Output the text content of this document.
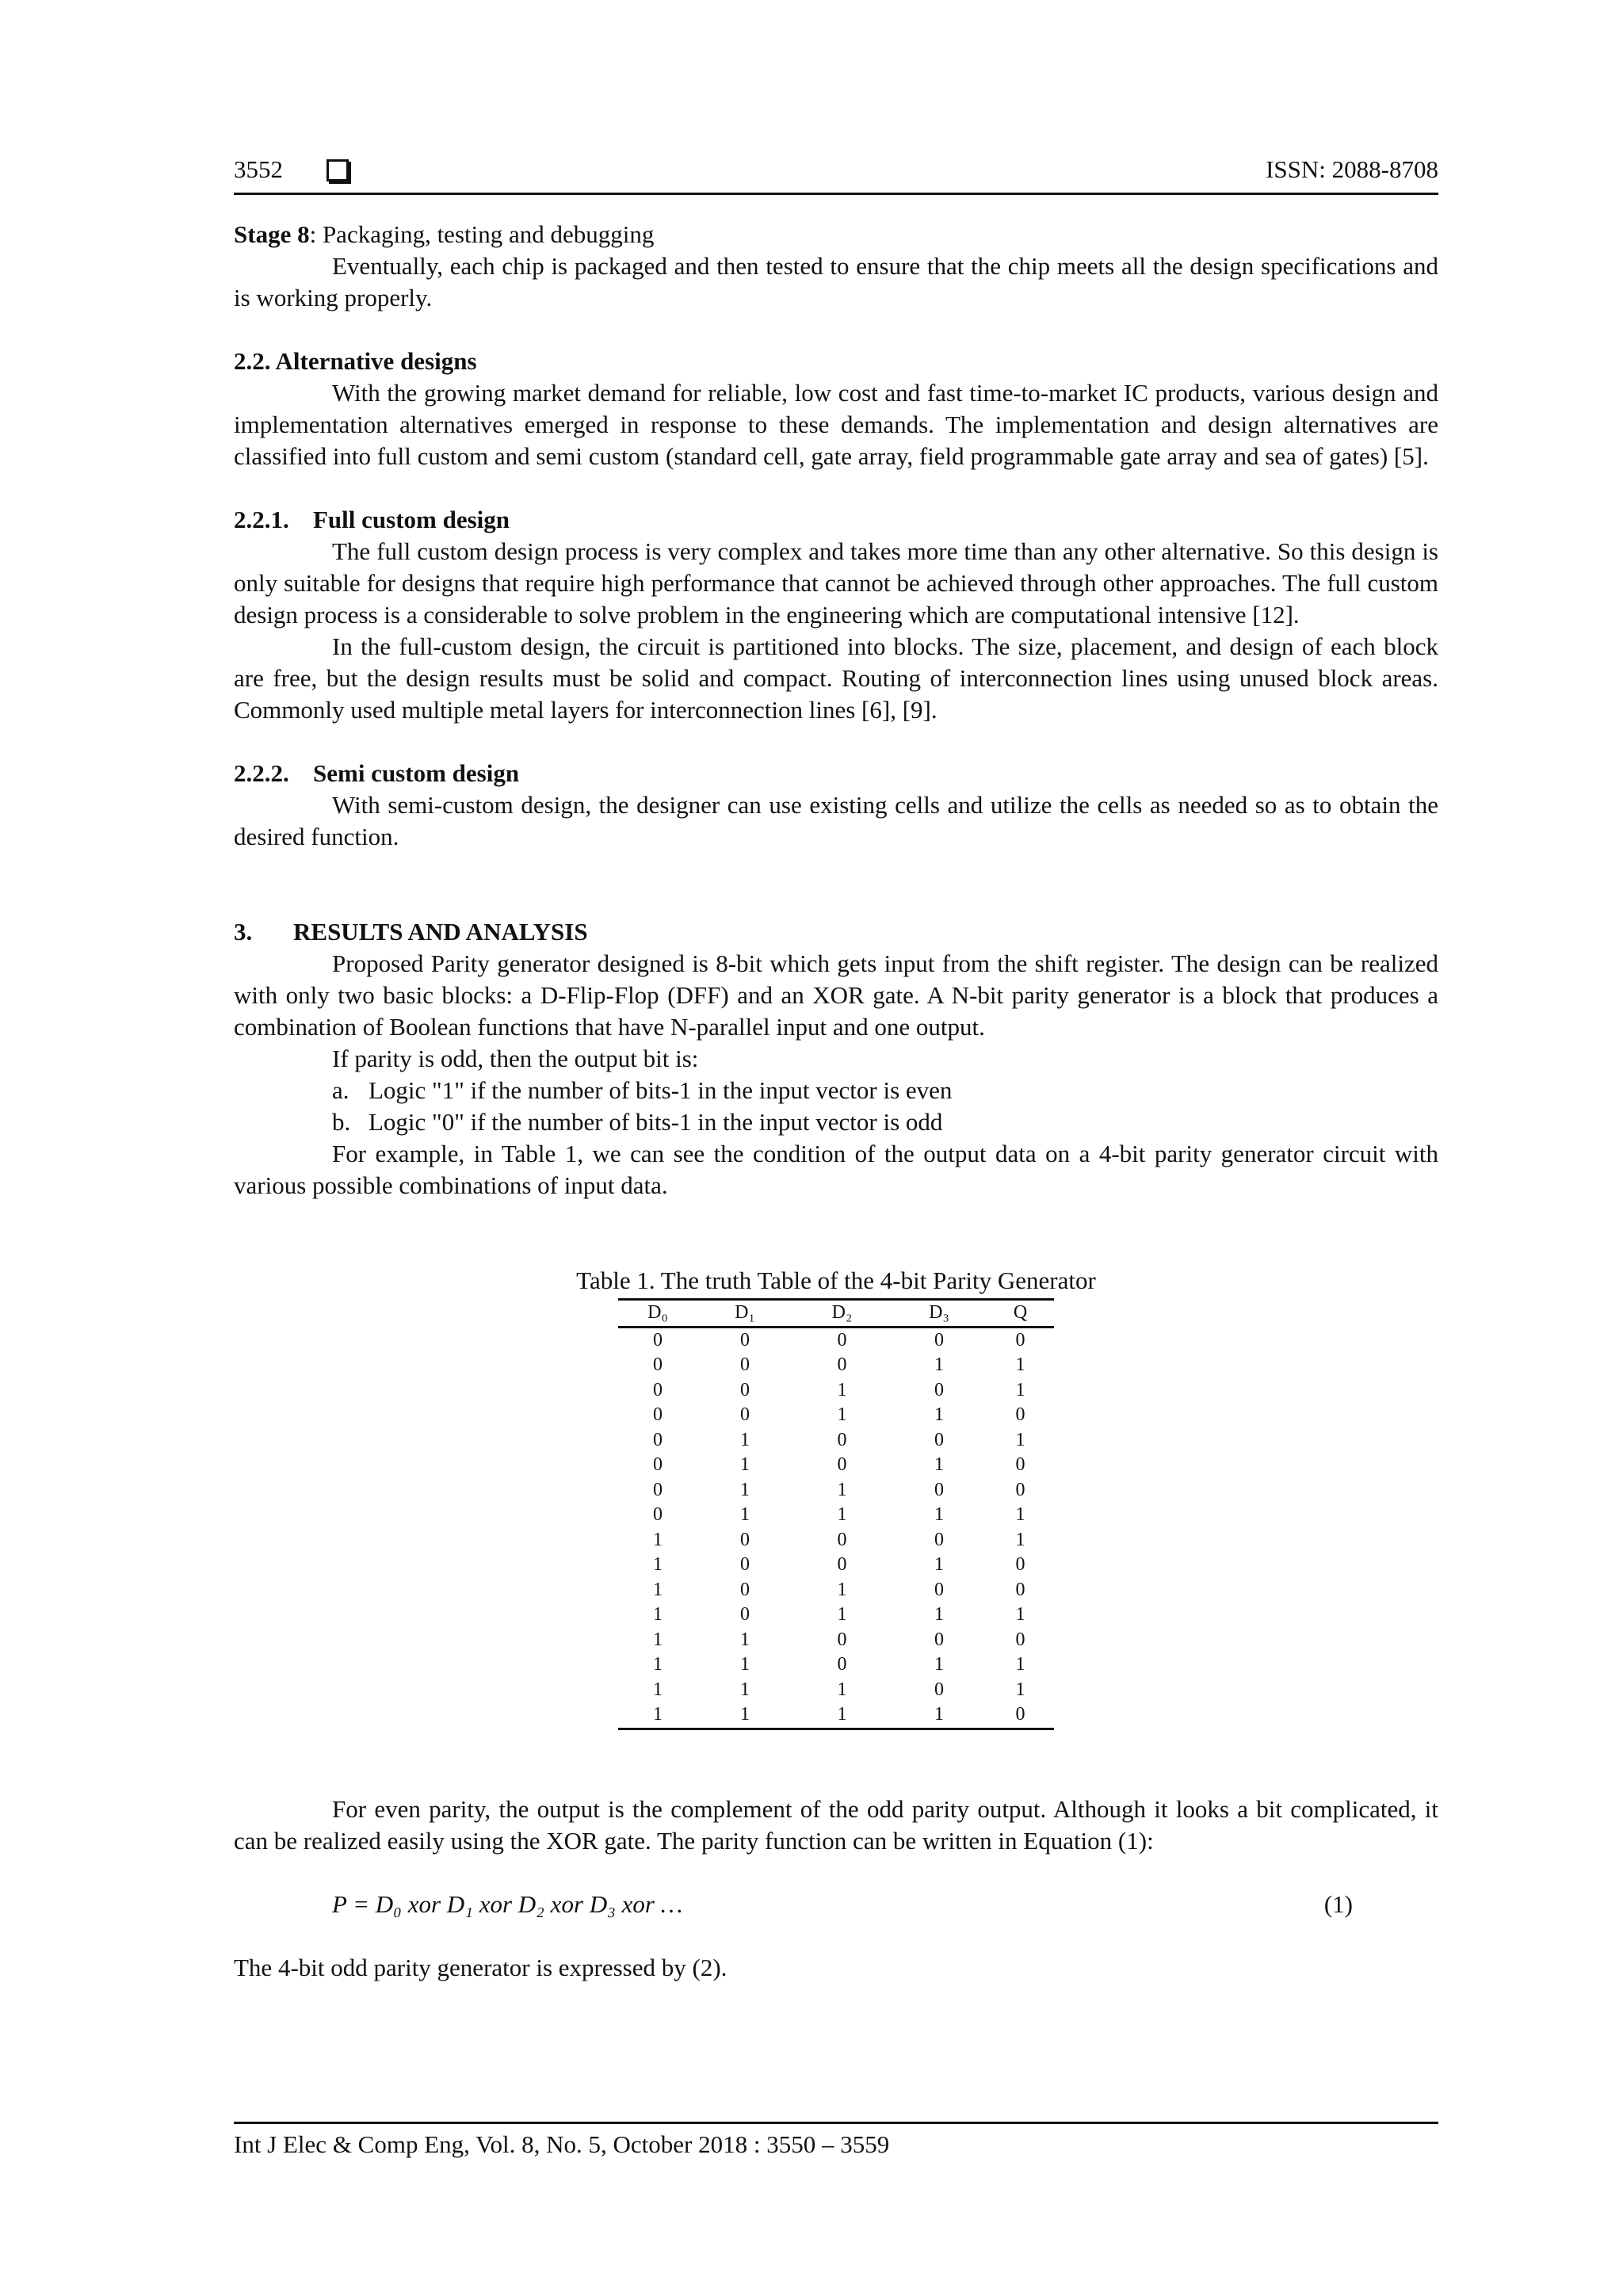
3552	ISSN: 2088-8708

Stage 8: Packaging, testing and debugging

Eventually, each chip is packaged and then tested to ensure that the chip meets all the design specifications and is working properly.

2.2. Alternative designs

With the growing market demand for reliable, low cost and fast time-to-market IC products, various design and implementation alternatives emerged in response to these demands. The implementation and design alternatives are classified into full custom and semi custom (standard cell, gate array, field programmable gate array and sea of gates) [5].

2.2.1. Full custom design

The full custom design process is very complex and takes more time than any other alternative. So this design is only suitable for designs that require high performance that cannot be achieved through other approaches. The full custom design process is a considerable to solve problem in the engineering which are computational intensive [12].

In the full-custom design, the circuit is partitioned into blocks. The size, placement, and design of each block are free, but the design results must be solid and compact. Routing of interconnection lines using unused block areas. Commonly used multiple metal layers for interconnection lines [6], [9].

2.2.2. Semi custom design

With semi-custom design, the designer can use existing cells and utilize the cells as needed so as to obtain the desired function.

3. RESULTS AND ANALYSIS

Proposed Parity generator designed is 8-bit which gets input from the shift register. The design can be realized with only two basic blocks: a D-Flip-Flop (DFF) and an XOR gate. A N-bit parity generator is a block that produces a combination of Boolean functions that have N-parallel input and one output.

If parity is odd, then the output bit is:

a. Logic "1" if the number of bits-1 in the input vector is even

b. Logic "0" if the number of bits-1 in the input vector is odd

For example, in Table 1, we can see the condition of the output data on a 4-bit parity generator circuit with various possible combinations of input data.

Table 1. The truth Table of the 4-bit Parity Generator

D₀	D₁	D₂	D₃	Q
0	0	0	0	0
0	0	0	1	1
0	0	1	0	1
0	0	1	1	0
0	1	0	0	1
0	1	0	1	0
0	1	1	0	0
0	1	1	1	1
1	0	0	0	1
1	0	0	1	0
1	0	1	0	0
1	0	1	1	1
1	1	0	0	0
1	1	0	1	1
1	1	1	0	1
1	1	1	1	0

For even parity, the output is the complement of the odd parity output. Although it looks a bit complicated, it can be realized easily using the XOR gate. The parity function can be written in Equation (1):

P = D₀ xor D₁ xor D₂ xor D₃ xor …	(1)

The 4-bit odd parity generator is expressed by (2).

Int J Elec & Comp Eng, Vol. 8, No. 5, October 2018 : 3550 – 3559
